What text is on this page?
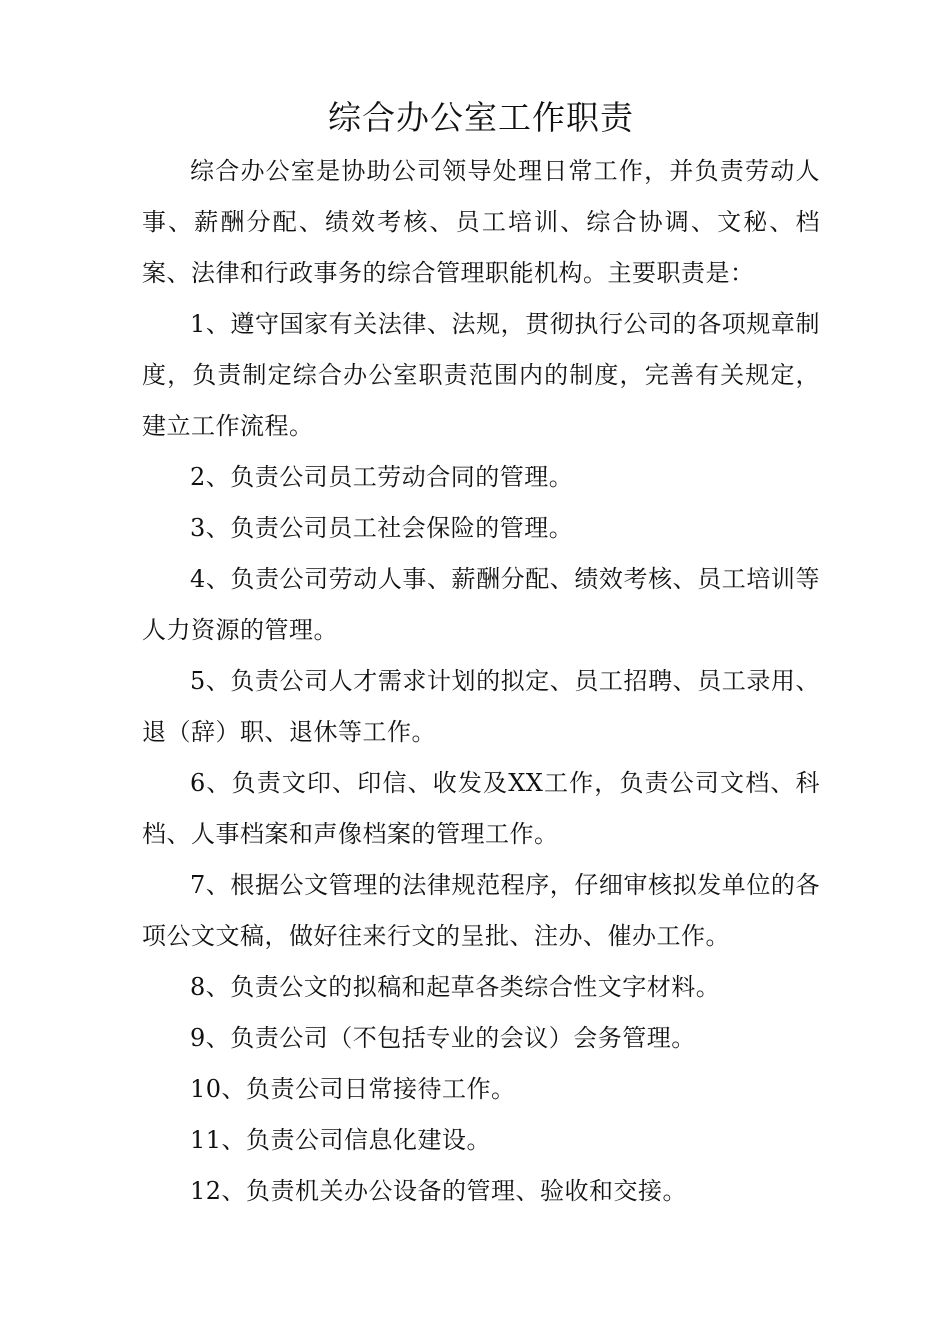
综合办公室工作职责

综合办公室是协助公司领导处理日常工作，并负责劳动人事、薪酬分配、绩效考核、员工培训、综合协调、文秘、档案、法律和行政事务的综合管理职能机构。主要职责是：

1、遵守国家有关法律、法规，贯彻执行公司的各项规章制度，负责制定综合办公室职责范围内的制度，完善有关规定，建立工作流程。

2、负责公司员工劳动合同的管理。

3、负责公司员工社会保险的管理。

4、负责公司劳动人事、薪酬分配、绩效考核、员工培训等人力资源的管理。

5、负责公司人才需求计划的拟定、员工招聘、员工录用、退（辞）职、退休等工作。

6、负责文印、印信、收发及XX工作，负责公司文档、科档、人事档案和声像档案的管理工作。

7、根据公文管理的法律规范程序，仔细审核拟发单位的各项公文文稿，做好往来行文的呈批、注办、催办工作。

8、负责公文的拟稿和起草各类综合性文字材料。

9、负责公司（不包括专业的会议）会务管理。

10、负责公司日常接待工作。

11、负责公司信息化建设。

12、负责机关办公设备的管理、验收和交接。
